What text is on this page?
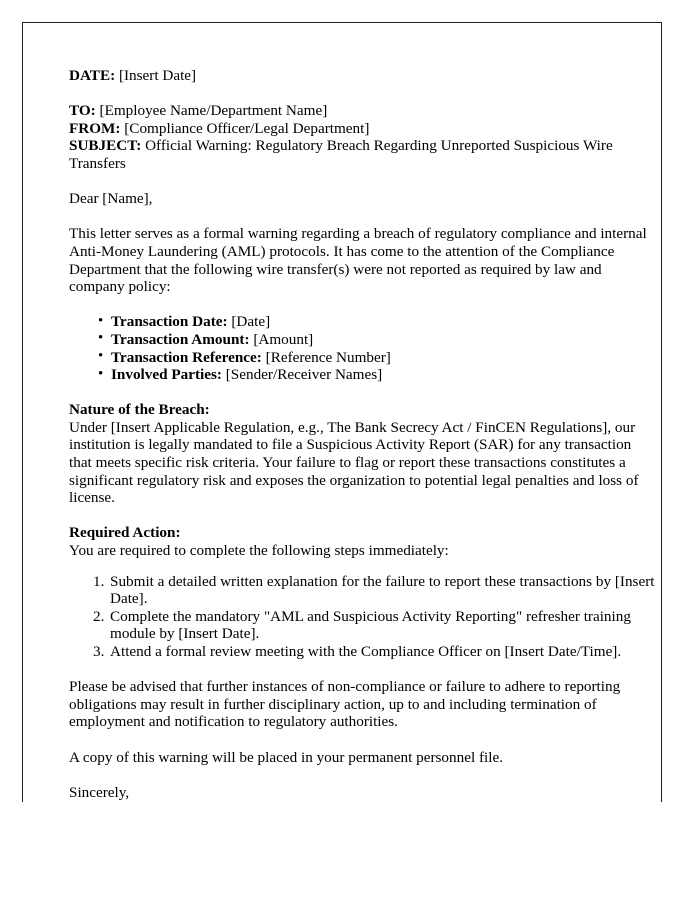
DATE: [Insert Date]
TO: [Employee Name/Department Name]
FROM: [Compliance Officer/Legal Department]
SUBJECT: Official Warning: Regulatory Breach Regarding Unreported Suspicious Wire Transfers
Dear [Name],
This letter serves as a formal warning regarding a breach of regulatory compliance and internal Anti-Money Laundering (AML) protocols. It has come to the attention of the Compliance Department that the following wire transfer(s) were not reported as required by law and company policy:
• Transaction Date: [Date]
• Transaction Amount: [Amount]
• Transaction Reference: [Reference Number]
• Involved Parties: [Sender/Receiver Names]
Nature of the Breach:
Under [Insert Applicable Regulation, e.g., The Bank Secrecy Act / FinCEN Regulations], our institution is legally mandated to file a Suspicious Activity Report (SAR) for any transaction that meets specific risk criteria. Your failure to flag or report these transactions constitutes a significant regulatory risk and exposes the organization to potential legal penalties and loss of license.
Required Action:
You are required to complete the following steps immediately:
Submit a detailed written explanation for the failure to report these transactions by [Insert Date].
Complete the mandatory "AML and Suspicious Activity Reporting" refresher training module by [Insert Date].
Attend a formal review meeting with the Compliance Officer on [Insert Date/Time].
Please be advised that further instances of non-compliance or failure to adhere to reporting obligations may result in further disciplinary action, up to and including termination of employment and notification to regulatory authorities.
A copy of this warning will be placed in your permanent personnel file.
Sincerely,
